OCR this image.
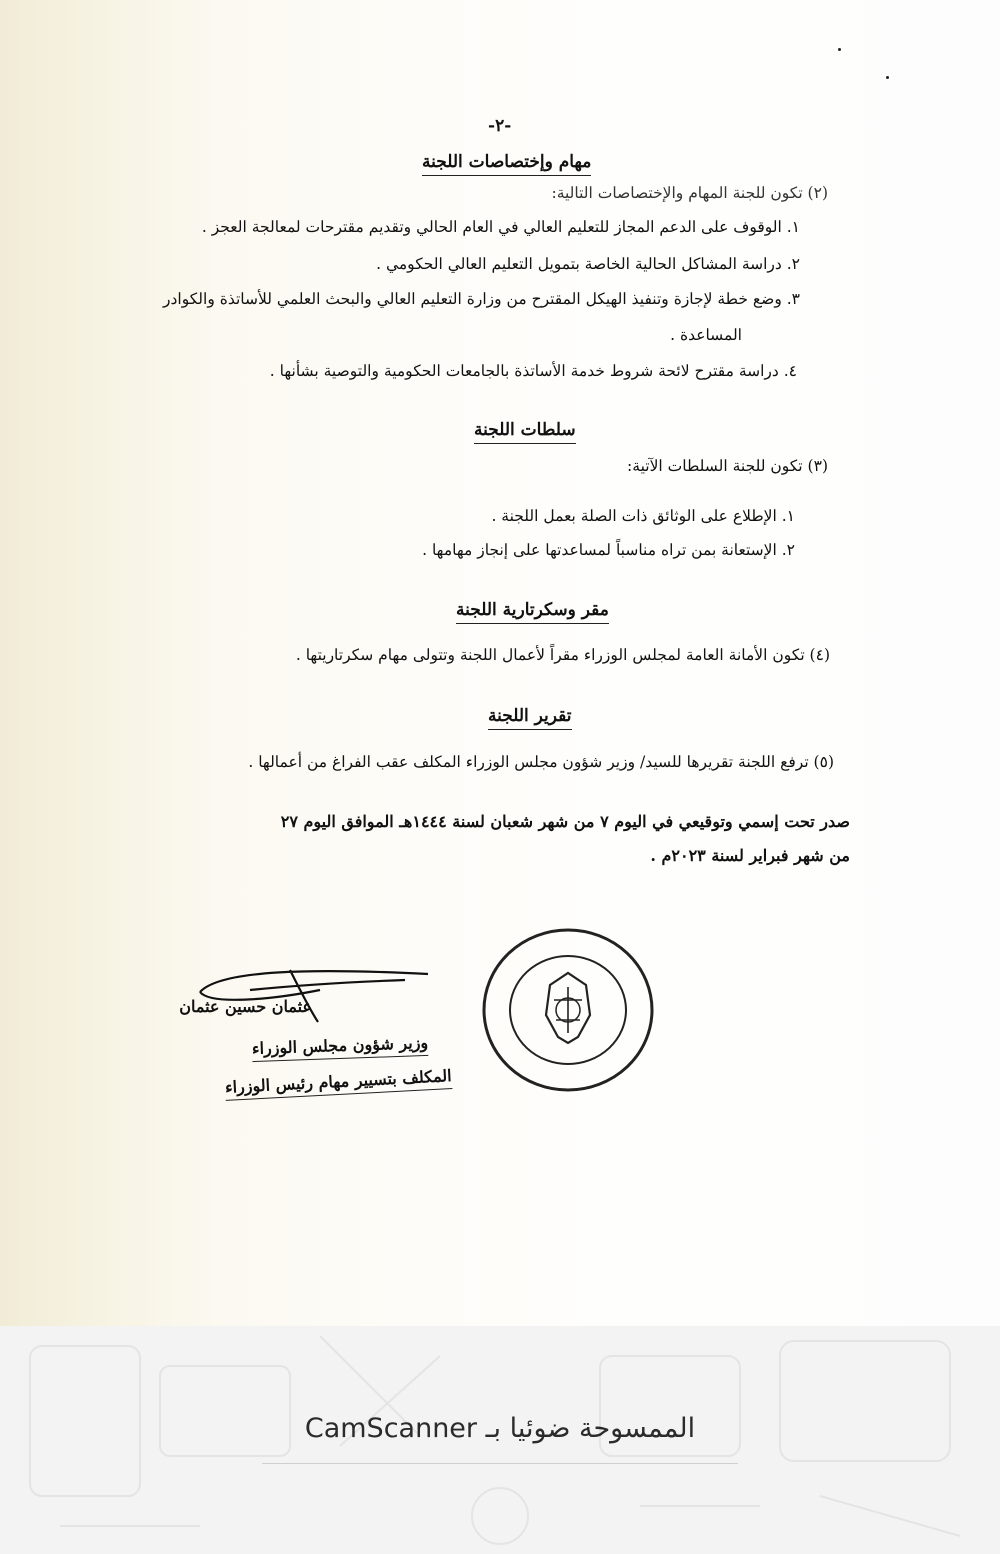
-٢-
مهام وإختصاصات اللجنة
(٢) تكون للجنة المهام والإختصاصات التالية:
١. الوقوف على الدعم المجاز للتعليم العالي في العام الحالي وتقديم مقترحات لمعالجة العجز .
٢. دراسة المشاكل الحالية الخاصة بتمويل التعليم العالي الحكومي .
٣. وضع خطة لإجازة وتنفيذ الهيكل المقترح من وزارة التعليم العالي والبحث العلمي للأساتذة والكوادر
المساعدة .
٤. دراسة مقترح لائحة شروط خدمة الأساتذة بالجامعات الحكومية والتوصية بشأنها .
سلطات اللجنة
(٣) تكون للجنة السلطات الآتية:
١. الإطلاع على الوثائق ذات الصلة بعمل اللجنة .
٢. الإستعانة بمن تراه مناسباً لمساعدتها على إنجاز مهامها .
مقر وسكرتارية اللجنة
(٤) تكون الأمانة العامة لمجلس الوزراء مقراً لأعمال اللجنة وتتولى مهام سكرتاريتها .
تقرير اللجنة
(٥) ترفع اللجنة تقريرها للسيد/ وزير شؤون مجلس الوزراء المكلف عقب الفراغ من أعمالها .
صدر تحت إسمي وتوقيعي في اليوم ٧ من شهر شعبان لسنة ١٤٤٤هـ الموافق اليوم ٢٧
من شهر فبراير لسنة ٢٠٢٣م .
عثمان حسين عثمان
وزير شؤون مجلس الوزراء
المكلف بتسيير مهام رئيس الوزراء
الممسوحة ضوئيا بـ CamScanner
